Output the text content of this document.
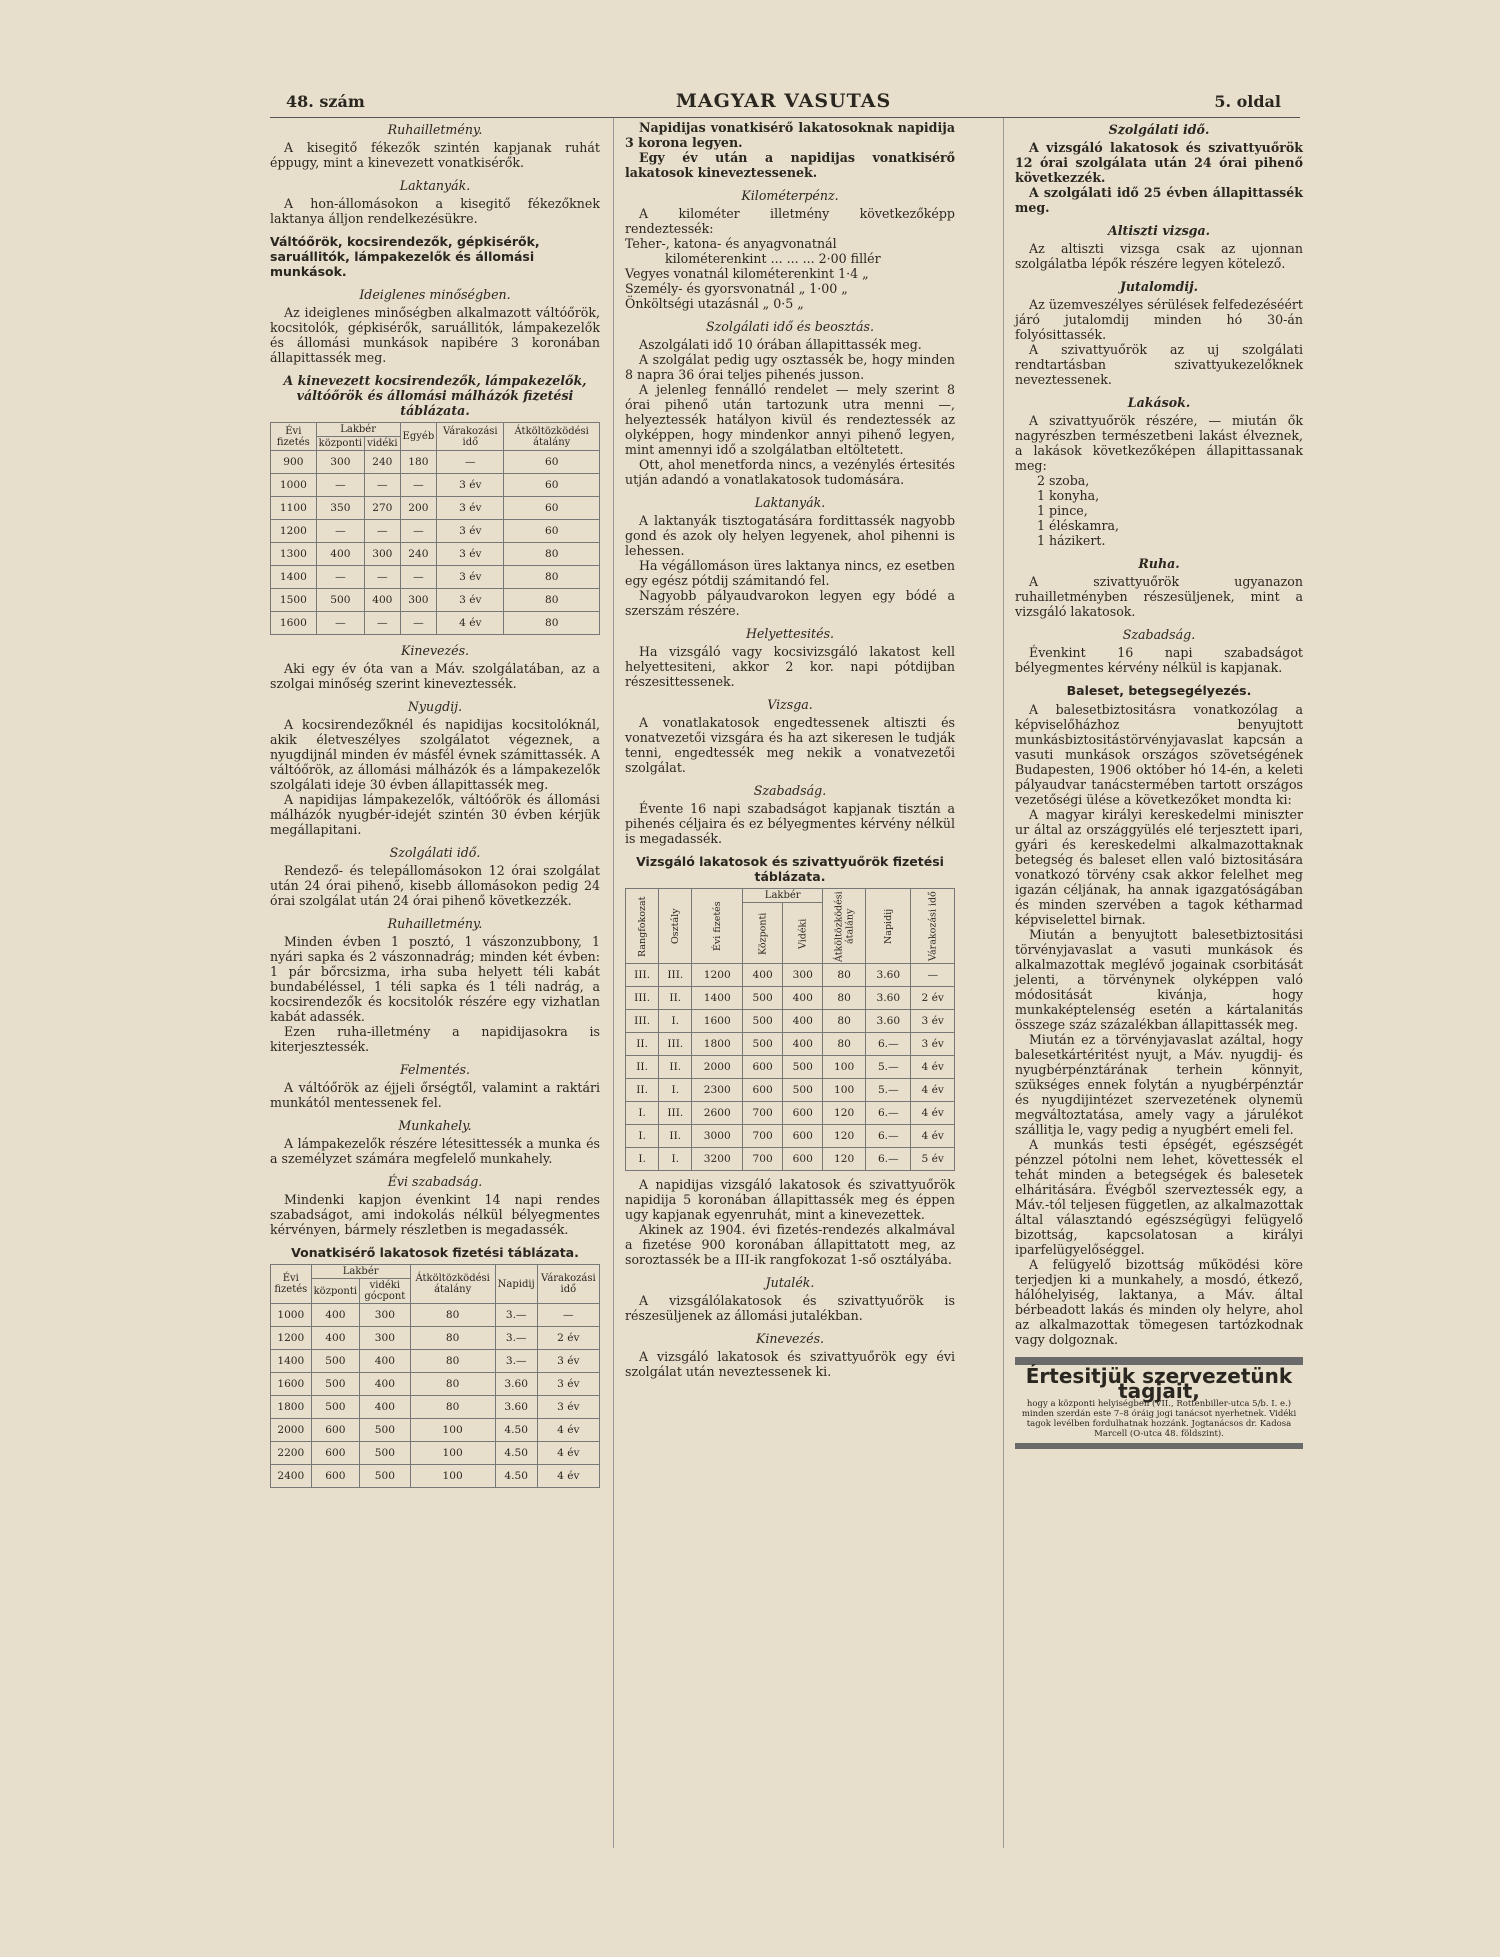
48. szám	MAGYAR VASUTAS	5. oldal
Ruhailletmény.

A kisegitő fékezők szintén kapjanak ruhát éppugy, mint a kinevezett vonatkisérők.

Laktanyák.

A hon-állomásokon a kisegitő fékezőknek laktanya álljon rendelkezésükre.

Váltóőrök, kocsirendezők, gépkisérők, saruállitók, lámpakezelők és állomási munkások.
Ideiglenes minőségben.

Az ideiglenes minőségben alkalmazott váltóőrök, kocsitolók, gépkisérők, saruállitók, lámpakezelők és állomási munkások napibére 3 koronában állapittassék meg.

A kinevezett kocsirendezők, lámpakezelők, váltóőrök és állomási málházók fizetési táblázata.
Évi fizetés	Lakbér		Egyéb	Várakozási idő	Átköltözködési átalány
	központi	vidéki			
900	300	240	180	—	60
1000	—	—	—	3 év	60
1100	350	270	200	3 év	60
1200	—	—	—	3 év	60
1300	400	300	240	3 év	80
1400	—	—	—	3 év	80
1500	500	400	300	3 év	80
1600	—	—	—	4 év	80
Kinevezés.

Aki egy év óta van a Máv. szolgálatában, az a szolgai minőség szerint kineveztessék.

Nyugdij.

A kocsirendezőknél és napidijas kocsitolóknál, akik életveszélyes szolgálatot végeznek, a nyugdijnál minden év másfél évnek számittassék. A váltóőrök, az állomási málházók és a lámpakezelők szolgálati ideje 30 évben állapittassék meg.

A napidijas lámpakezelők, váltóőrök és állomási málházók nyugbér-idejét szintén 30 évben kérjük megállapitani.

Szolgálati idő.

Rendező- és telepállomásokon 12 órai szolgálat után 24 órai pihenő, kisebb állomásokon pedig 24 órai szolgálat után 24 órai pihenő következzék.

Ruhailletmény.

Minden évben 1 posztó, 1 vászonzubbony, 1 nyári sapka és 2 vászonnadrág; minden két évben: 1 pár bőrcsizma, irha suba helyett téli kabát bundabéléssel, 1 téli sapka és 1 téli nadrág, a kocsirendezők és kocsitolók részére egy vizhatlan kabát adassék.

Ezen ruha-illetmény a napidijasokra is kiterjesztessék.

Felmentés.

A váltóőrök az éjjeli őrségtől, valamint a raktári munkától mentessenek fel.

Munkahely.

A lámpakezelők részére létesittessék a munka és a személyzet számára megfelelő munkahely.

Évi szabadság.

Mindenki kapjon évenkint 14 napi rendes szabadságot, ami indokolás nélkül bélyegmentes kérvényen, bármely részletben is megadassék.

Vonatkisérő lakatosok fizetési táblázata.
Évi fizetés	Lakbér		Átköltözködési átalány	Napidij	Várakozási idő
	központi	vidéki gócpont			
1000	400	300	80	3.—	—
1200	400	300	80	3.—	2 év
1400	500	400	80	3.—	3 év
1600	500	400	80	3.60	3 év
1800	500	400	80	3.60	3 év
2000	600	500	100	4.50	4 év
2200	600	500	100	4.50	4 év
2400	600	500	100	4.50	4 év

Napidijas vonatkisérő lakatosoknak napidija 3 korona legyen.

Egy év után a napidijas vonatkisérő lakatosok kineveztessenek.

Kilométerpénz.

A kilométer illetmény következőképp rendeztessék:

Teher-, katona- és anyagvonatnál
kilométerenkint ... ... ... 2·00 fillér
Vegyes vonatnál kilométerenkint 1·4 „
Személy- és gyorsvonatnál „ 1·00 „
Önköltségi utazásnál „ 0·5 „
Szolgálati idő és beosztás.

Aszolgálati idő 10 órában állapittassék meg.

A szolgálat pedig ugy osztassék be, hogy minden 8 napra 36 órai teljes pihenés jusson.

A jelenleg fennálló rendelet — mely szerint 8 órai pihenő után tartozunk utra menni —, helyeztessék hatályon kivül és rendeztessék az olyképpen, hogy mindenkor annyi pihenő legyen, mint amennyi idő a szolgálatban eltöltetett.

Ott, ahol menetforda nincs, a vezénylés értesités utján adandó a vonatlakatosok tudomására.

Laktanyák.

A laktanyák tisztogatására fordittassék nagyobb gond és azok oly helyen legyenek, ahol pihenni is lehessen.

Ha végállomáson üres laktanya nincs, ez esetben egy egész pótdij számitandó fel.

Nagyobb pályaudvarokon legyen egy bódé a szerszám részére.

Helyettesités.

Ha vizsgáló vagy kocsivizsgáló lakatost kell helyettesiteni, akkor 2 kor. napi pótdijban részesittessenek.

Vizsga.

A vonatlakatosok engedtessenek altiszti és vonatvezetői vizsgára és ha azt sikeresen le tudják tenni, engedtessék meg nekik a vonatvezetői szolgálat.

Szabadság.

Évente 16 napi szabadságot kapjanak tisztán a pihenés céljaira és ez bélyegmentes kérvény nélkül is megadassék.

Vizsgáló lakatosok és szivattyuőrök fizetési táblázata.
Rangfokozat	Osztály	Évi fizetés	Lakbér		Átköltözködési átalány	Napidij	Várakozási idő
			Központi	Vidéki			
III.	III.	1200	400	300	80	3.60	—
III.	II.	1400	500	400	80	3.60	2 év
III.	I.	1600	500	400	80	3.60	3 év
II.	III.	1800	500	400	80	6.—	3 év
II.	II.	2000	600	500	100	5.—	4 év
II.	I.	2300	600	500	100	5.—	4 év
I.	III.	2600	700	600	120	6.—	4 év
I.	II.	3000	700	600	120	6.—	4 év
I.	I.	3200	700	600	120	6.—	5 év

A napidijas vizsgáló lakatosok és szivattyuőrök napidija 5 koronában állapittassék meg és éppen ugy kapjanak egyenruhát, mint a kinevezettek.

Akinek az 1904. évi fizetés-rendezés alkalmával a fizetése 900 koronában állapittatott meg, az soroztassék be a III-ik rangfokozat 1-ső osztályába.

Jutalék.

A vizsgálólakatosok és szivattyuőrök is részesüljenek az állomási jutalékban.

Kinevezés.

A vizsgáló lakatosok és szivattyuőrök egy évi szolgálat után neveztessenek ki.

Szolgálati idő.

A vizsgáló lakatosok és szivattyuőrök 12 órai szolgálata után 24 órai pihenő következzék.

A szolgálati idő 25 évben állapittassék meg.

Altiszti vizsga.

Az altiszti vizsga csak az ujonnan szolgálatba lépők részére legyen kötelező.

Jutalomdij.

Az üzemveszélyes sérülések felfedezéséért járó jutalomdij minden hó 30-án folyósittassék.

A szivattyuőrök az uj szolgálati rendtartásban szivattyukezelőknek neveztessenek.

Lakások.

A szivattyuőrök részére, — miután ők nagyrészben természetbeni lakást élveznek, a lakások következőképen állapittassanak meg:

2 szoba,
1 konyha,
1 pince,
1 éléskamra,
1 házikert.
Ruha.

A szivattyuőrök ugyanazon ruhailletményben részesüljenek, mint a vizsgáló lakatosok.

Szabadság.

Évenkint 16 napi szabadságot bélyegmentes kérvény nélkül is kapjanak.

Baleset, betegsegélyezés.

A balesetbiztositásra vonatkozólag a képviselőházhoz benyujtott munkásbiztositástörvényjavaslat kapcsán a vasuti munkások országos szövetségének Budapesten, 1906 október hó 14-én, a keleti pályaudvar tanácstermében tartott országos vezetőségi ülése a következőket mondta ki:

A magyar királyi kereskedelmi miniszter ur által az országgyülés elé terjesztett ipari, gyári és kereskedelmi alkalmazottaknak betegség és baleset ellen való biztositására vonatkozó törvény csak akkor felelhet meg igazán céljának, ha annak igazgatóságában és minden szervében a tagok kétharmad képviselettel birnak.

Miután a benyujtott balesetbiztositási törvényjavaslat a vasuti munkások és alkalmazottak meglévő jogainak csorbitását jelenti, a törvénynek olyképpen való módositását kivánja, hogy munkaképtelenség esetén a kártalanitás összege száz százalékban állapittassék meg.

Miután ez a törvényjavaslat azáltal, hogy balesetkártéritést nyujt, a Máv. nyugdij- és nyugbérpénztárának terhein könnyit, szükséges ennek folytán a nyugbérpénztár és nyugdijintézet szervezetének olynemü megváltoztatása, amely vagy a járulékot szállitja le, vagy pedig a nyugbért emeli fel.

A munkás testi épségét, egészségét pénzzel pótolni nem lehet, követtessék el tehát minden a betegségek és balesetek elháritására. Évégből szerveztessék egy, a Máv.-tól teljesen független, az alkalmazottak által választandó egészségügyi felügyelő bizottság, kapcsolatosan a királyi iparfelügyelőséggel.

A felügyelő bizottság működési köre terjedjen ki a munkahely, a mosdó, étkező, hálóhelyiség, laktanya, a Máv. által bérbeadott lakás és minden oly helyre, ahol az alkalmazottak tömegesen tartózkodnak vagy dolgoznak.

Értesitjük szervezetünk tagjait,
hogy a központi helyiségben (VII., Rottenbiller-utca 5/b. I. e.) minden szerdán este 7–8 óráig jogi tanácsot nyerhetnek. Vidéki tagok levélben fordulhatnak hozzánk. Jogtanácsos dr. Kadosa Marcell (O-utca 48. földszint).
